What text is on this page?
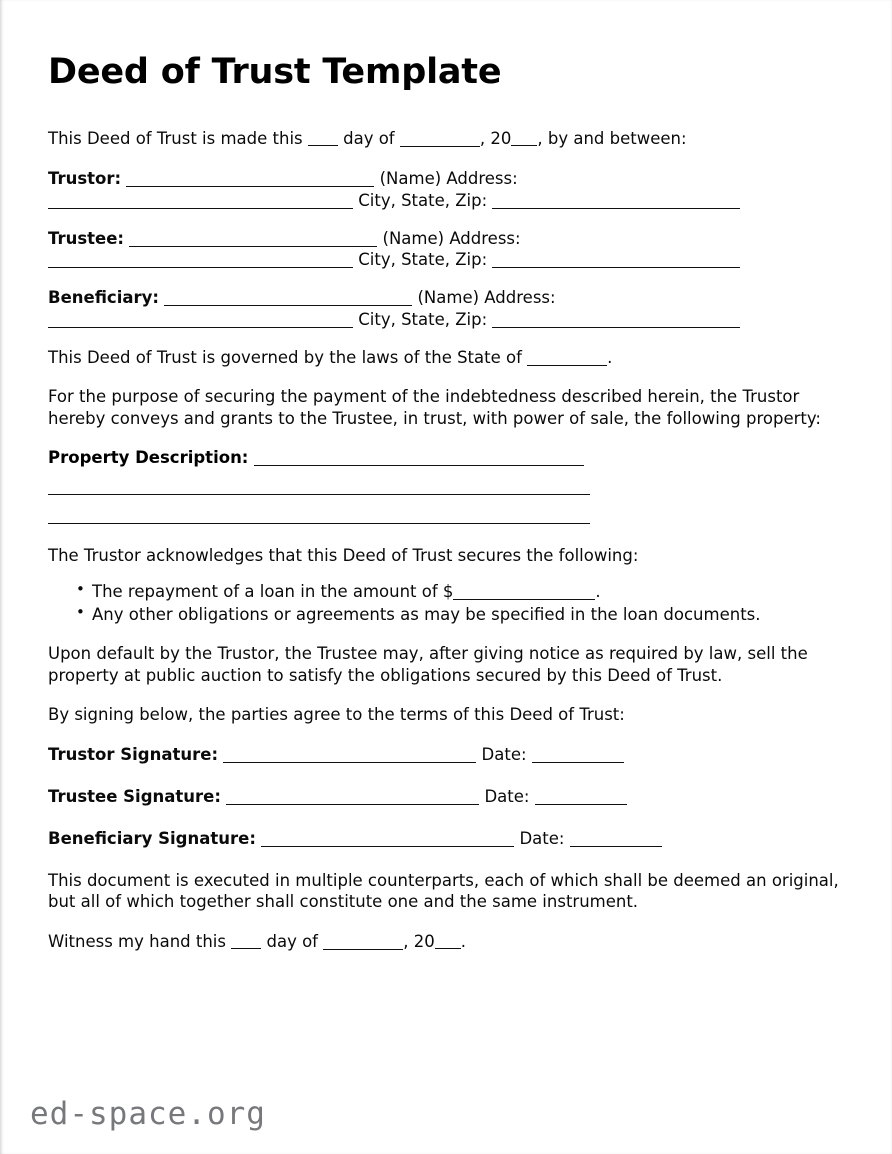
Deed of Trust Template

This Deed of Trust is made this  day of	, 20 , by and between:

Trustor:	(Name) Address:
City, State, Zip:
Trustee:	(Name) Address:
City, State, Zip:
Beneficiary:	(Name) Address:
City, State, Zip:

This Deed of Trust is governed by the laws of the State of	.

For the purpose of securing the payment of the indebtedness described herein, the Trustor hereby conveys and grants to the Trustee, in trust, with power of sale, the following property:

Property Description:

The Trustor acknowledges that this Deed of Trust secures the following:

• The repayment of a loan in the amount of $	.
• Any other obligations or agreements as may be specified in the loan documents.

Upon default by the Trustor, the Trustee may, after giving notice as required by law, sell the property at public auction to satisfy the obligations secured by this Deed of Trust.

By signing below, the parties agree to the terms of this Deed of Trust:

Trustor Signature:	Date:
Trustee Signature:	Date:
Beneficiary Signature:	Date:

This document is executed in multiple counterparts, each of which shall be deemed an original, but all of which together shall constitute one and the same instrument.

Witness my hand this  day of	, 20 .

ed-space.org
